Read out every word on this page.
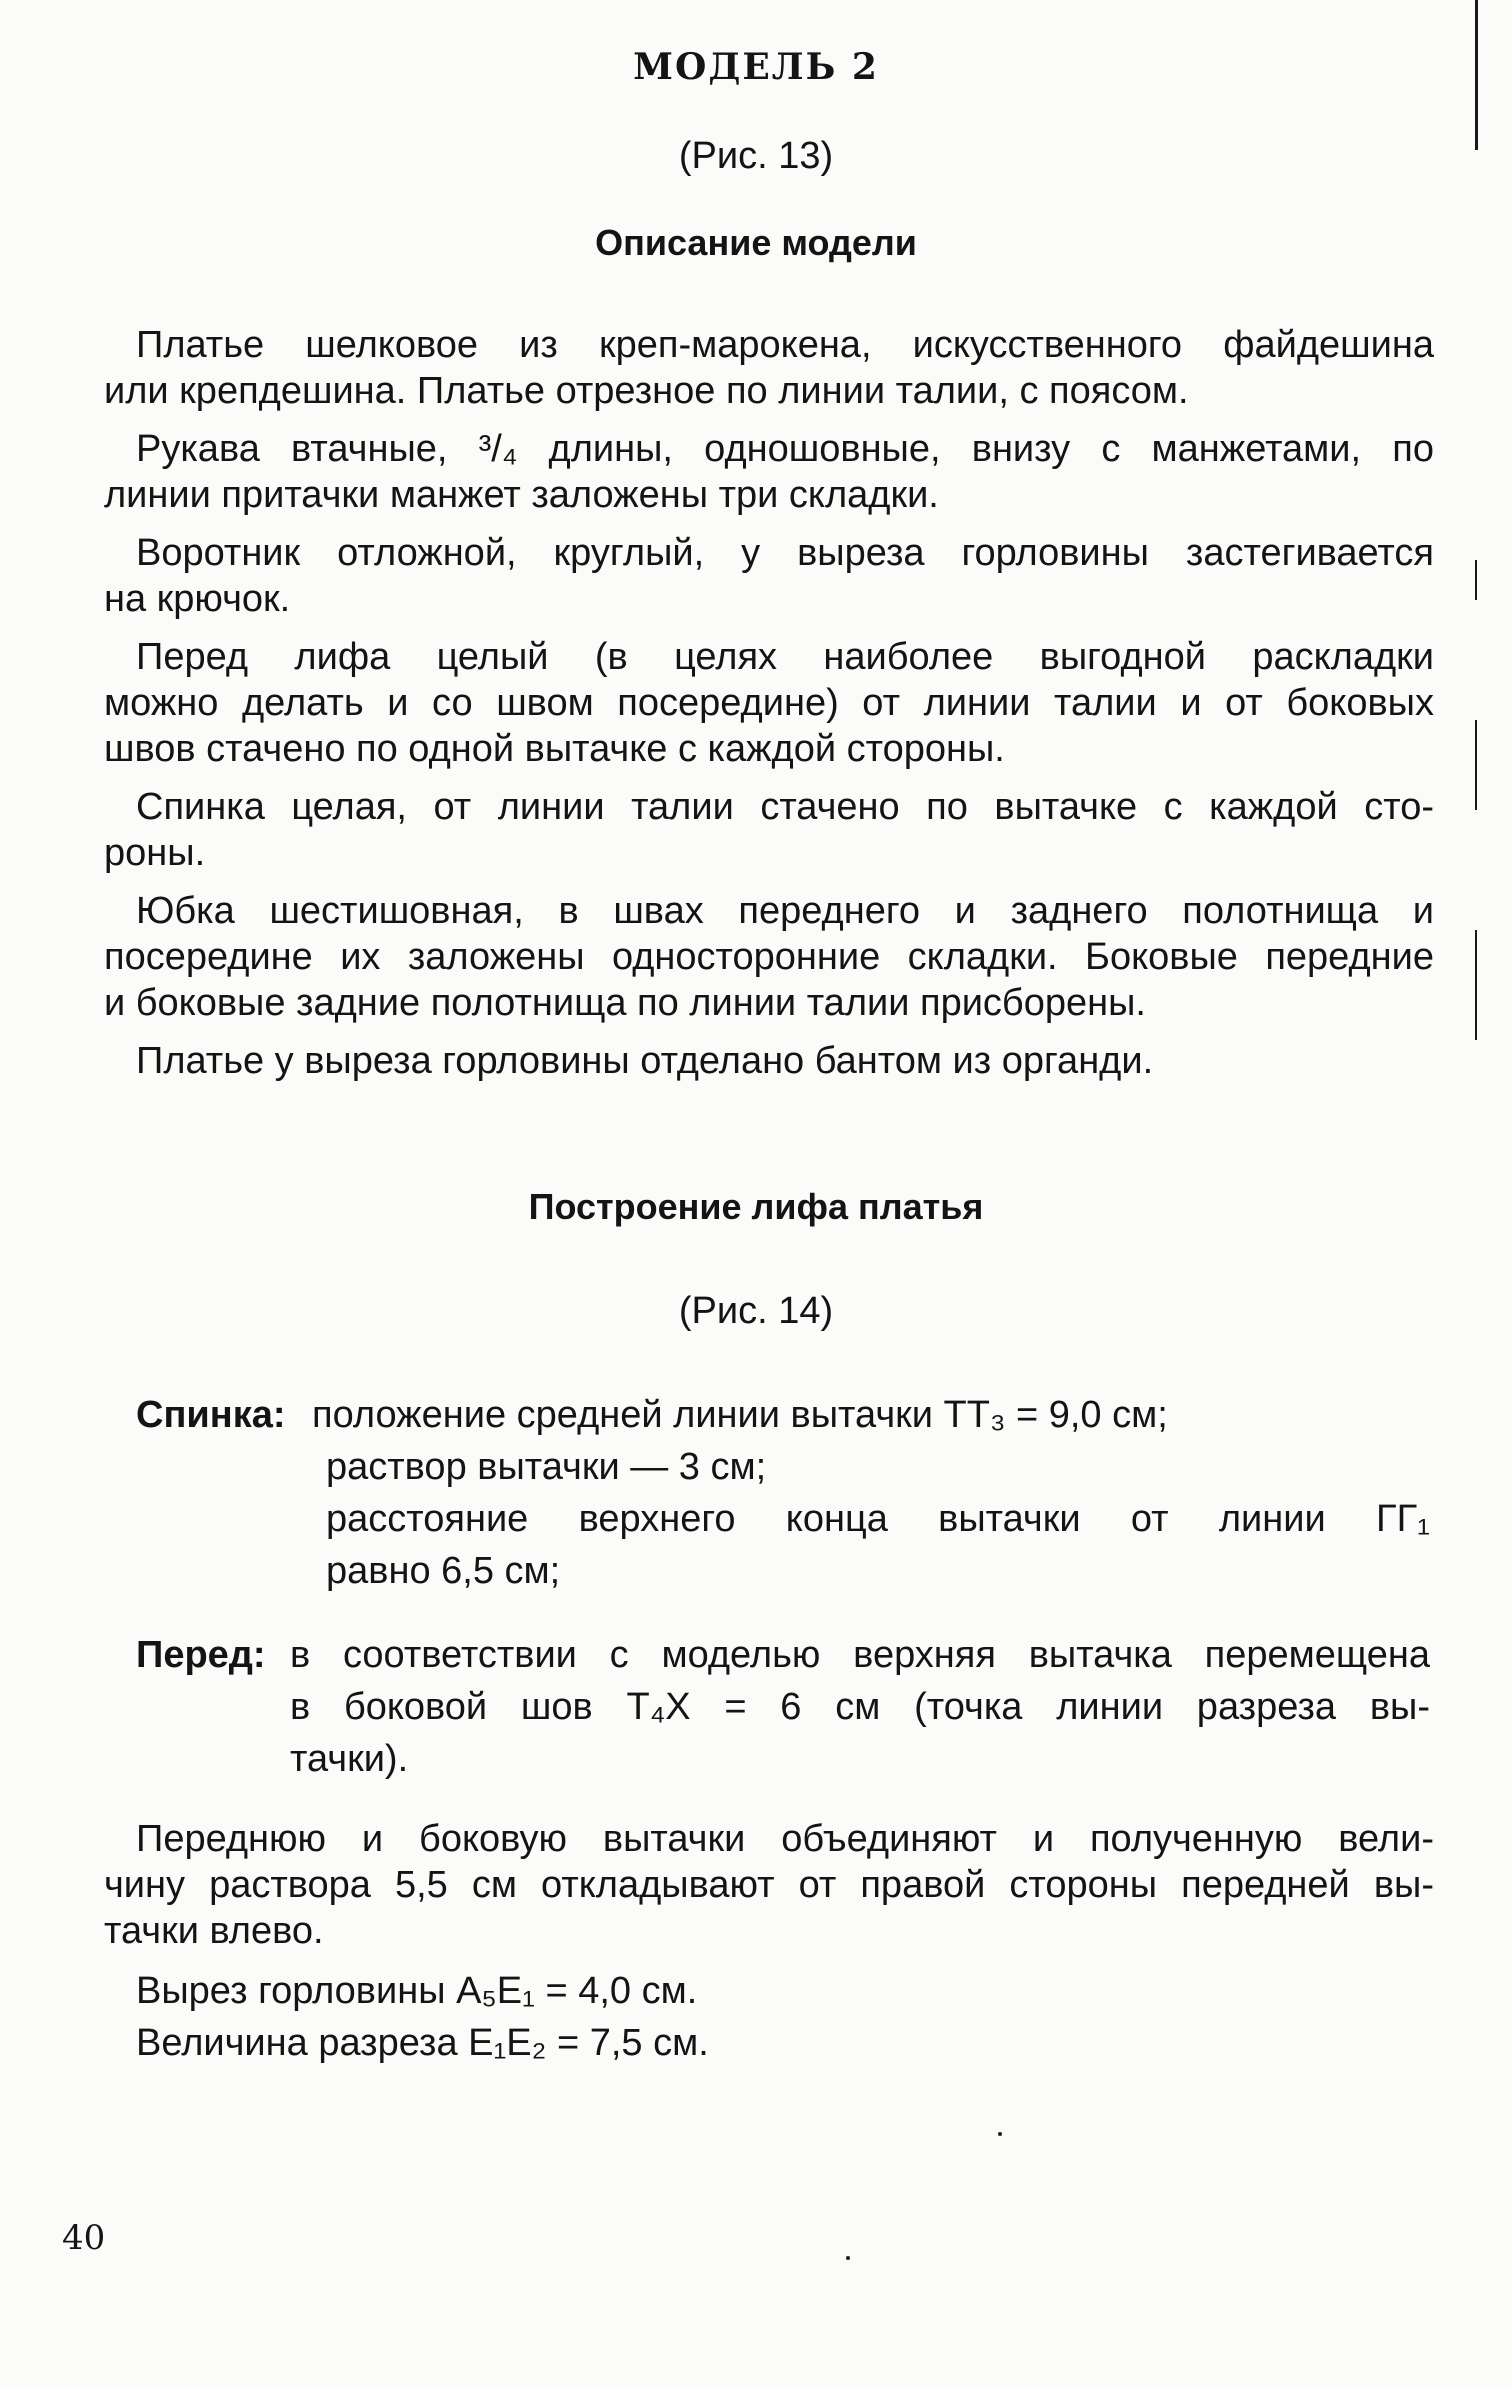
МОДЕЛЬ 2
(Рис. 13)
Описание модели
Платье шелковое из креп-марокена, искусственного файдешина
или крепдешина. Платье отрезное по линии талии, с поясом.
Рукава втачные, ³/₄ длины, одношовные, внизу с манжетами, по
линии притачки манжет заложены три складки.
Воротник отложной, круглый, у выреза горловины застегивается
на крючок.
Перед лифа целый (в целях наиболее выгодной раскладки
можно делать и со швом посередине) от линии талии и от боковых
швов стачено по одной вытачке с каждой стороны.
Спинка целая, от линии талии стачено по вытачке с каждой сто-
роны.
Юбка шестишовная, в швах переднего и заднего полотнища и
посередине их заложены односторонние складки. Боковые передние
и боковые задние полотнища по линии талии присборены.
Платье у выреза горловины отделано бантом из органди.
Построение лифа платья
(Рис. 14)
Спинка: положение средней линии вытачки ТТ₃ = 9,0 см;
раствор вытачки — 3 см;
расстояние верхнего конца вытачки от линии ГГ₁
равно 6,5 см;
Перед: в соответствии с моделью верхняя вытачка перемещена
в боковой шов Т₄Х = 6 см (точка линии разреза вы-
тачки).
Переднюю и боковую вытачки объединяют и полученную вели-
чину раствора 5,5 см откладывают от правой стороны передней вы-
тачки влево.
Вырез горловины А₅Е₁ = 4,0 см.
Величина разреза Е₁Е₂ = 7,5 см.
40
